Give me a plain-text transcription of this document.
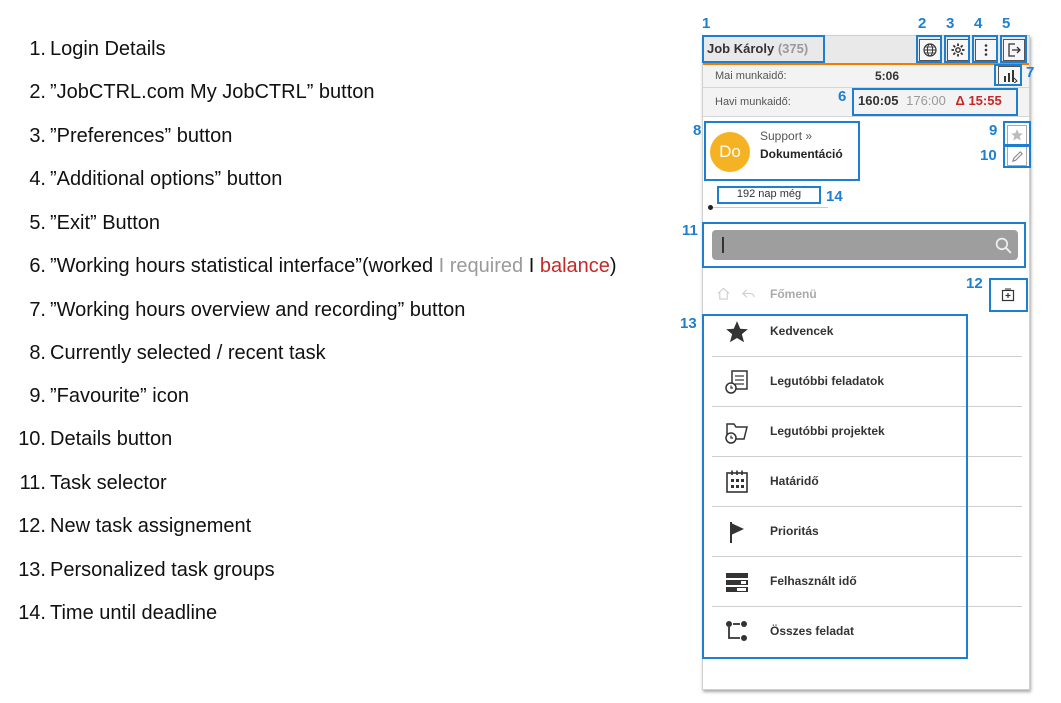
1. Login Details
2. ”JobCTRL.com My JobCTRL” button
3. ”Preferences” button
4. ”Additional options” button
5. ”Exit” Button
6. ”Working hours statistical interface”(worked I required I balance)
7. ”Working hours overview and recording” button
8. Currently selected / recent task
9. ”Favourite” icon
10. Details button
11. Task selector
12. New task assignement
13. Personalized task groups
14. Time until deadline
Job Károly (375)
Mai munkaidő:	5:06
Havi munkaidő:	160:05 176:00 Δ 15:55
Do
Support »
Dokumentáció
192 nap még
Főmenü
Kedvencek
Legutóbbi feladatok
Legutóbbi projektek
Határidő
Prioritás
Felhasznált idő
Összes feladat
1	2 3 4 5
6
7
8	9
10
11
12
13
14
